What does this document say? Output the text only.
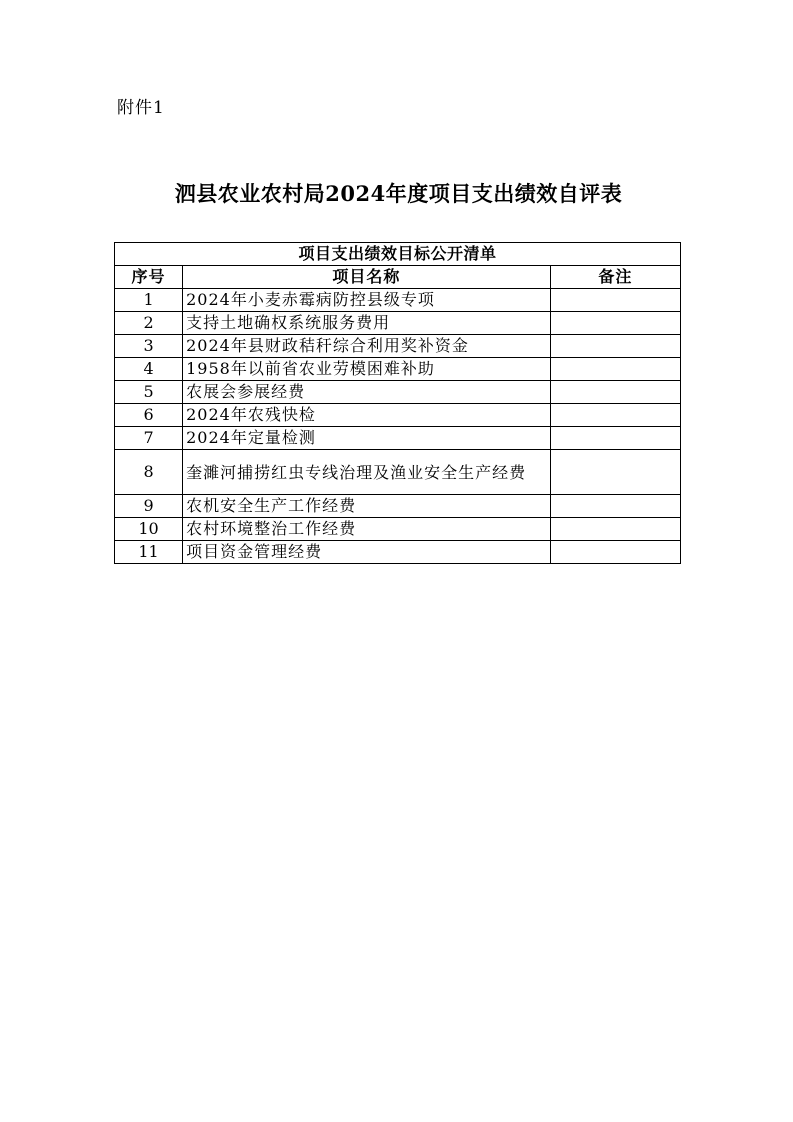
附件1
泗县农业农村局2024年度项目支出绩效自评表
项目支出绩效目标公开清单		
序号	项目名称	备注
1	2024年小麦赤霉病防控县级专项	
2	支持土地确权系统服务费用	
3	2024年县财政秸秆综合利用奖补资金	
4	1958年以前省农业劳模困难补助	
5	农展会参展经费	
6	2024年农残快检	
7	2024年定量检测	
8	奎濉河捕捞红虫专线治理及渔业安全生产经费	
9	农机安全生产工作经费	
10	农村环境整治工作经费	
11	项目资金管理经费	
